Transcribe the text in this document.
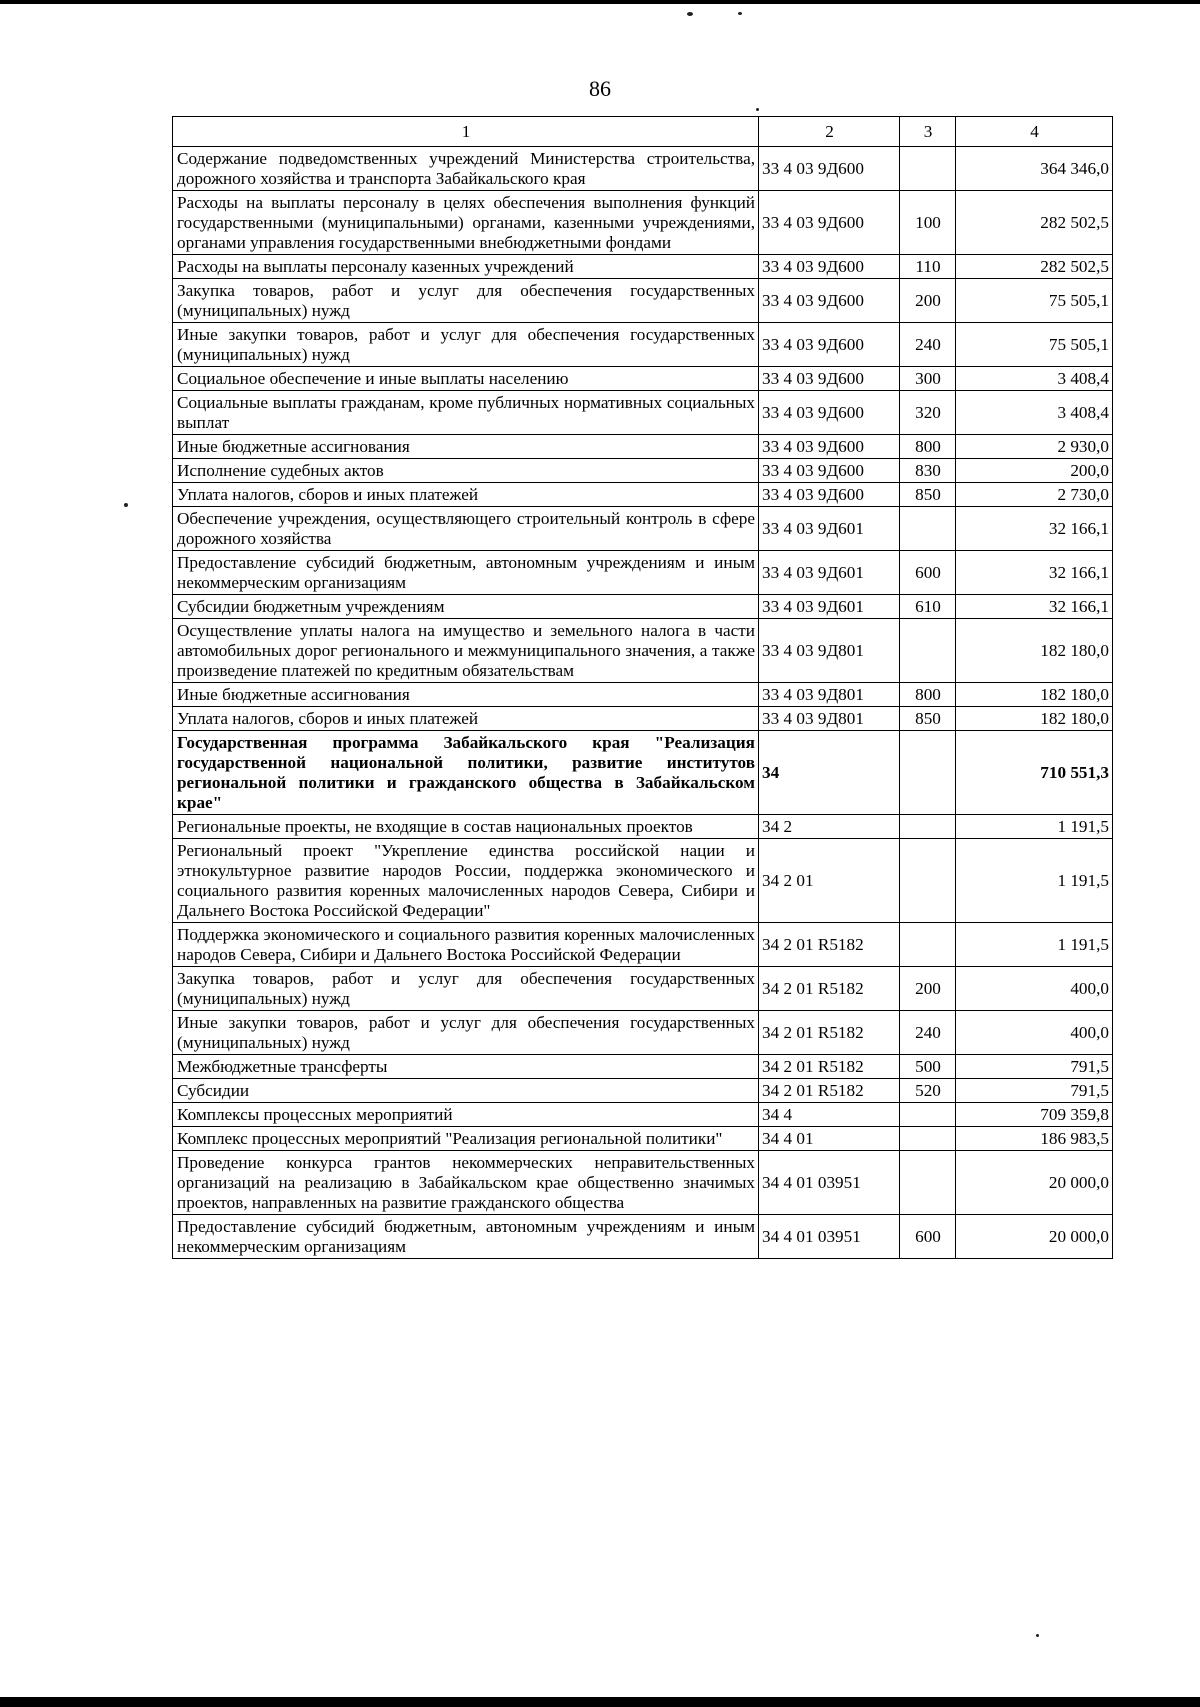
86
1	2	3	4
Содержание подведомственных учреждений Министерства строительства, дорожного хозяйства и транспорта Забайкальского края	33 4 03 9Д600		364 346,0
Расходы на выплаты персоналу в целях обеспечения выполнения функций государственными (муниципальными) органами, казенными учреждениями, органами управления государственными внебюджетными фондами	33 4 03 9Д600	100	282 502,5
Расходы на выплаты персоналу казенных учреждений	33 4 03 9Д600	110	282 502,5
Закупка товаров, работ и услуг для обеспечения государственных (муниципальных) нужд	33 4 03 9Д600	200	75 505,1
Иные закупки товаров, работ и услуг для обеспечения государственных (муниципальных) нужд	33 4 03 9Д600	240	75 505,1
Социальное обеспечение и иные выплаты населению	33 4 03 9Д600	300	3 408,4
Социальные выплаты гражданам, кроме публичных нормативных социальных выплат	33 4 03 9Д600	320	3 408,4
Иные бюджетные ассигнования	33 4 03 9Д600	800	2 930,0
Исполнение судебных актов	33 4 03 9Д600	830	200,0
Уплата налогов, сборов и иных платежей	33 4 03 9Д600	850	2 730,0
Обеспечение учреждения, осуществляющего строительный контроль в сфере дорожного хозяйства	33 4 03 9Д601		32 166,1
Предоставление субсидий бюджетным, автономным учреждениям и иным некоммерческим организациям	33 4 03 9Д601	600	32 166,1
Субсидии бюджетным учреждениям	33 4 03 9Д601	610	32 166,1
Осуществление уплаты налога на имущество и земельного налога в части автомобильных дорог регионального и межмуниципального значения, а также произведение платежей по кредитным обязательствам	33 4 03 9Д801		182 180,0
Иные бюджетные ассигнования	33 4 03 9Д801	800	182 180,0
Уплата налогов, сборов и иных платежей	33 4 03 9Д801	850	182 180,0
Государственная программа Забайкальского края "Реализация государственной национальной политики, развитие институтов региональной политики и гражданского общества в Забайкальском крае"	34		710 551,3
Региональные проекты, не входящие в состав национальных проектов	34 2		1 191,5
Региональный проект "Укрепление единства российской нации и этнокультурное развитие народов России, поддержка экономического и социального развития коренных малочисленных народов Севера, Сибири и Дальнего Востока Российской Федерации"	34 2 01		1 191,5
Поддержка экономического и социального развития коренных малочисленных народов Севера, Сибири и Дальнего Востока Российской Федерации	34 2 01 R5182		1 191,5
Закупка товаров, работ и услуг для обеспечения государственных (муниципальных) нужд	34 2 01 R5182	200	400,0
Иные закупки товаров, работ и услуг для обеспечения государственных (муниципальных) нужд	34 2 01 R5182	240	400,0
Межбюджетные трансферты	34 2 01 R5182	500	791,5
Субсидии	34 2 01 R5182	520	791,5
Комплексы процессных мероприятий	34 4		709 359,8
Комплекс процессных мероприятий "Реализация региональной политики"	34 4 01		186 983,5
Проведение конкурса грантов некоммерческих неправительственных организаций на реализацию в Забайкальском крае общественно значимых проектов, направленных на развитие гражданского общества	34 4 01 03951		20 000,0
Предоставление субсидий бюджетным, автономным учреждениям и иным некоммерческим организациям	34 4 01 03951	600	20 000,0
